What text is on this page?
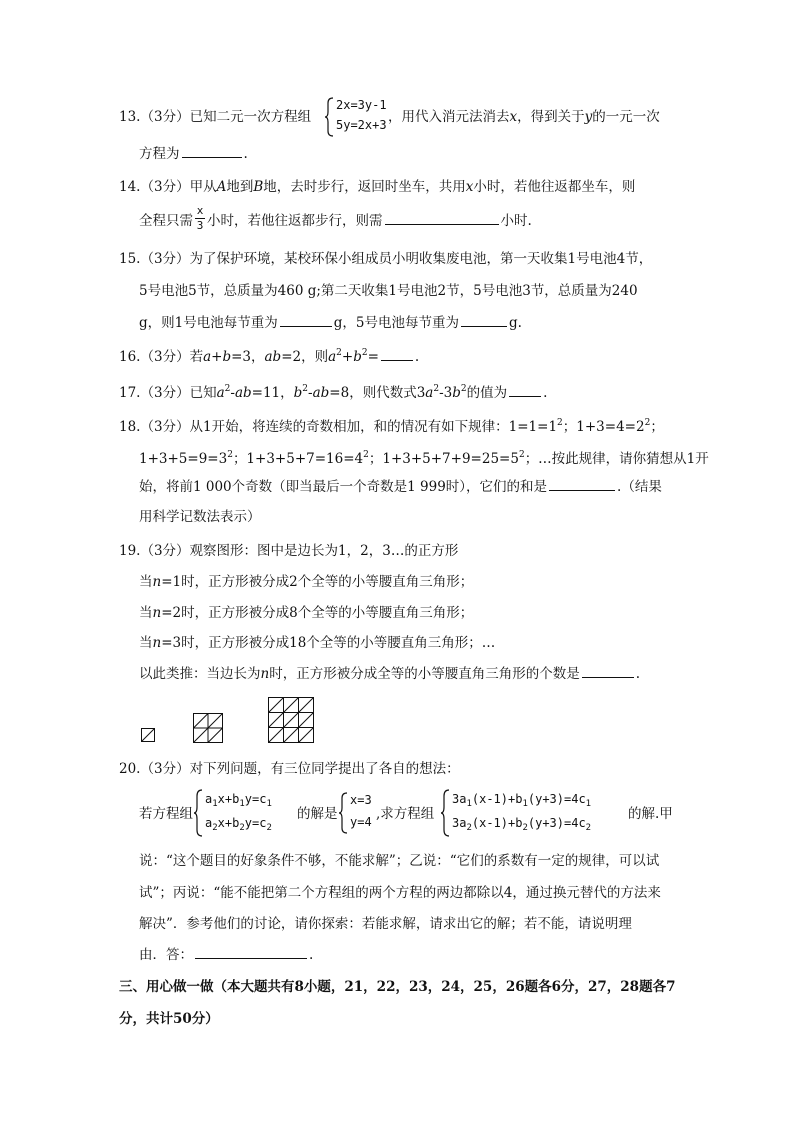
13.（3分）已知二元一次方程组
2x=3y-1
5y=2x+3 ，用代入消元法消去x，得到关于y的一元一次
方程为	.
14.（3分）甲从A地到B地，去时步行，返回时坐车，共用x小时，若他往返都坐车，则
全程只需 小时，若他往返都步行，则需	小时.
x
3
15.（3分）为了保护环境，某校环保小组成员小明收集废电池，第一天收集1号电池4节，
5号电池5节，总质量为460 g;第二天收集1号电池2节，5号电池3节，总质量为240
g，则1号电池每节重为	g，5号电池每节重为	g.
16.（3分）若a+b=3，ab=2，则$a^2+b^2=$	.
17.（3分）已知$a^2-ab=11$，$b^2-ab=8$，则代数式$3a^2-3b^2$的值为	.
18.（3分）从1开始，将连续的奇数相加，和的情况有如下规律：$1=1=1^2$；$1+3=4=2^2$；
$1+3+5=9=3^2$；$1+3+5+7=16=4^2$；$1+3+5+7+9=25=5^2$；…按此规律，请你猜想从1开
始，将前1 000个奇数（即当最后一个奇数是1 999时），它们的和是	.（结果
用科学记数法表示）
19.（3分）观察图形：图中是边长为1，2，3…的正方形
当n=1时，正方形被分成2个全等的小等腰直角三角形；
当n=2时，正方形被分成8个全等的小等腰直角三角形；
当n=3时，正方形被分成18个全等的小等腰直角三角形；…
以此类推：当边长为n时，正方形被分成全等的小等腰直角三角形的个数是	.
20.（3分）对下列问题，有三位同学提出了各自的想法：
若方程组
$a_1x+b_1y=c_1$
$a_2x+b_2y=c_2$
的解是
x=3
y=4 ,求方程组
$3a_1(x-1)+b_1(y+3)=4c_1$
$3a_2(x-1)+b_2(y+3)=4c_2$
的解.甲
说：“这个题目的好象条件不够，不能求解”；乙说：“它们的系数有一定的规律，可以试
试”；丙说：“能不能把第二个方程组的两个方程的两边都除以4，通过换元替代的方法来
解决”．参考他们的讨论，请你探索：若能求解，请求出它的解；若不能，请说明理
由．答：	.
三、用心做一做（本大题共有8小题，21，22，23，24，25，26题各6分，27，28题各7
分，共计50分）
